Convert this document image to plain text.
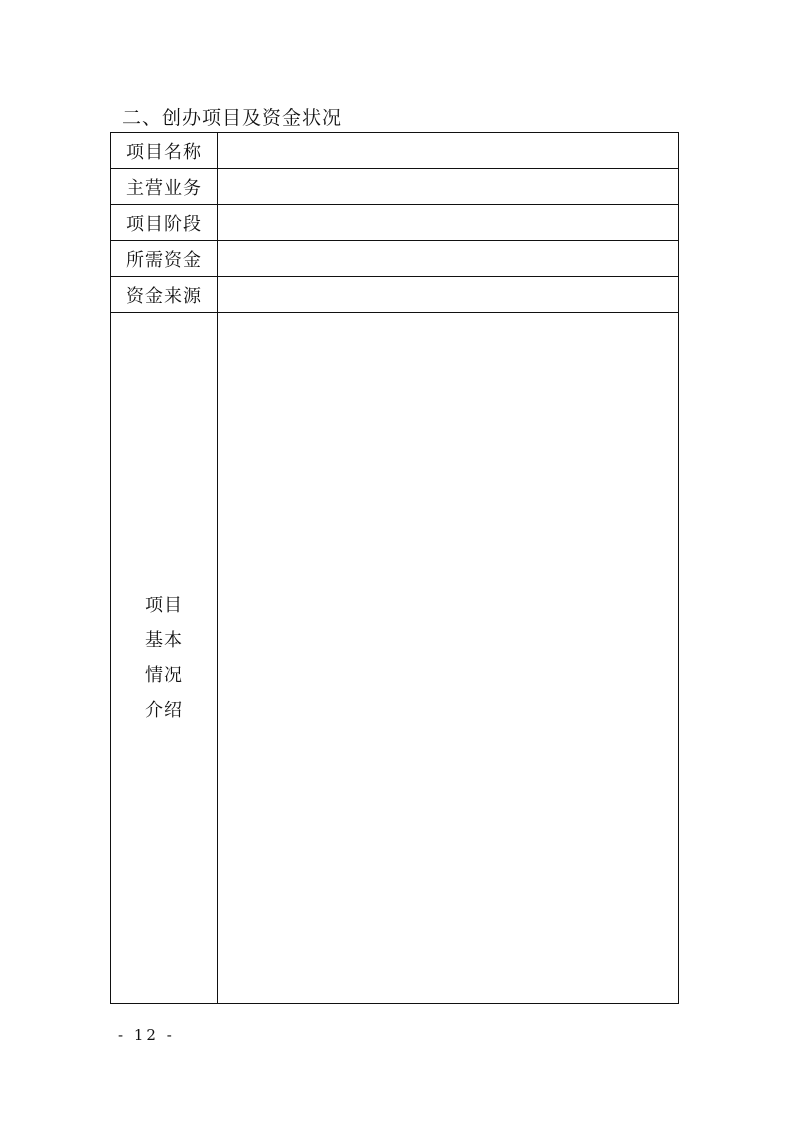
二、创办项目及资金状况
项目名称	
主营业务	
项目阶段	
所需资金	
资金来源	

项目
基本
情况
介绍	

- 12 -
